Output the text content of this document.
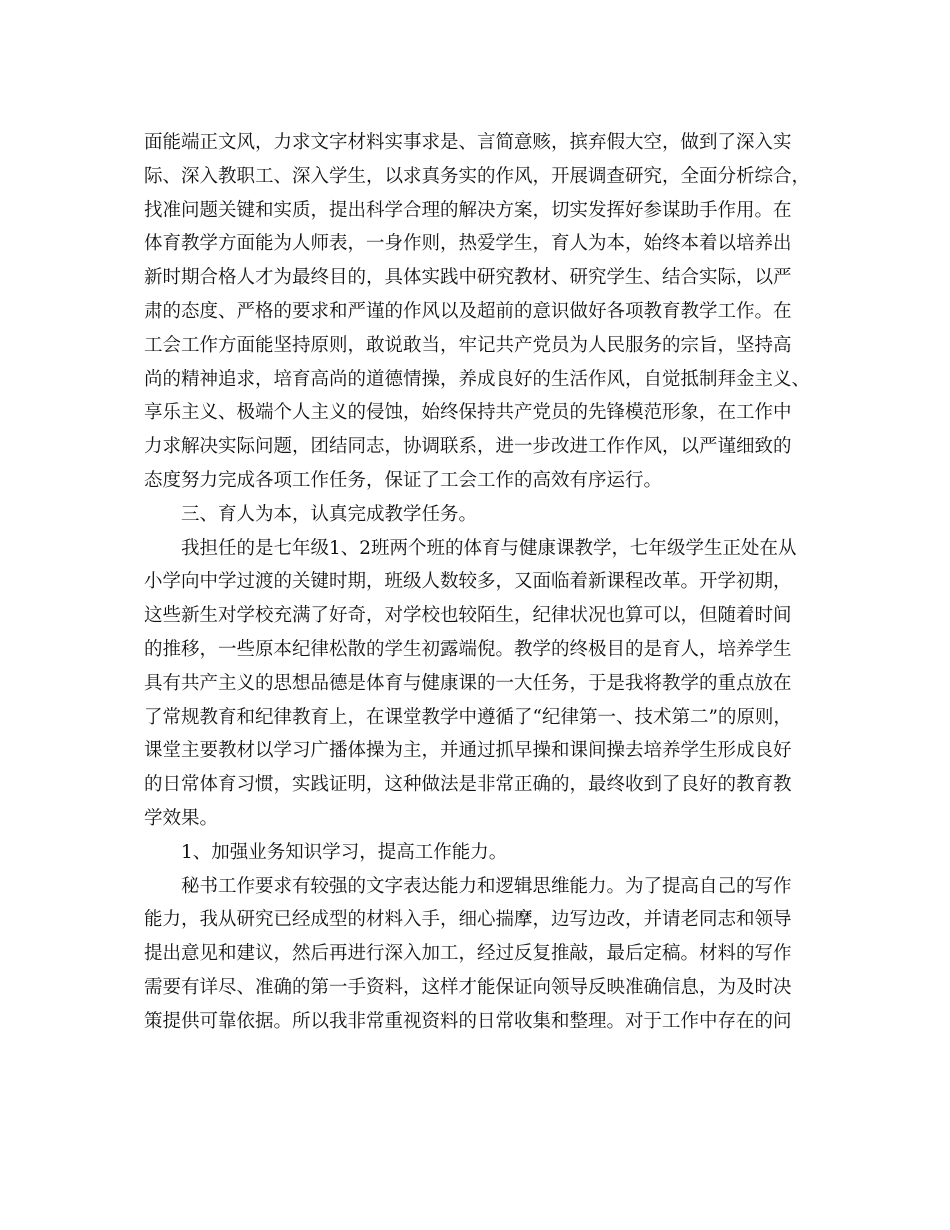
面能端正文风，力求文字材料实事求是、言简意赅，摈弃假大空，做到了深入实
际、深入教职工、深入学生，以求真务实的作风，开展调查研究，全面分析综合，
找准问题关键和实质，提出科学合理的解决方案，切实发挥好参谋助手作用。在
体育教学方面能为人师表，一身作则，热爱学生，育人为本，始终本着以培养出
新时期合格人才为最终目的，具体实践中研究教材、研究学生、结合实际，以严
肃的态度、严格的要求和严谨的作风以及超前的意识做好各项教育教学工作。在
工会工作方面能坚持原则，敢说敢当，牢记共产党员为人民服务的宗旨，坚持高
尚的精神追求，培育高尚的道德情操，养成良好的生活作风，自觉抵制拜金主义、
享乐主义、极端个人主义的侵蚀，始终保持共产党员的先锋模范形象，在工作中
力求解决实际问题，团结同志，协调联系，进一步改进工作作风，以严谨细致的
态度努力完成各项工作任务，保证了工会工作的高效有序运行。
三、育人为本，认真完成教学任务。
我担任的是七年级1、2班两个班的体育与健康课教学，七年级学生正处在从
小学向中学过渡的关键时期，班级人数较多，又面临着新课程改革。开学初期，
这些新生对学校充满了好奇，对学校也较陌生，纪律状况也算可以，但随着时间
的推移，一些原本纪律松散的学生初露端倪。教学的终极目的是育人，培养学生
具有共产主义的思想品德是体育与健康课的一大任务，于是我将教学的重点放在
了常规教育和纪律教育上，在课堂教学中遵循了“纪律第一、技术第二”的原则，
课堂主要教材以学习广播体操为主，并通过抓早操和课间操去培养学生形成良好
的日常体育习惯，实践证明，这种做法是非常正确的，最终收到了良好的教育教
学效果。
1、加强业务知识学习，提高工作能力。
秘书工作要求有较强的文字表达能力和逻辑思维能力。为了提高自己的写作
能力，我从研究已经成型的材料入手，细心揣摩，边写边改，并请老同志和领导
提出意见和建议，然后再进行深入加工，经过反复推敲，最后定稿。材料的写作
需要有详尽、准确的第一手资料，这样才能保证向领导反映准确信息，为及时决
策提供可靠依据。所以我非常重视资料的日常收集和整理。对于工作中存在的问
